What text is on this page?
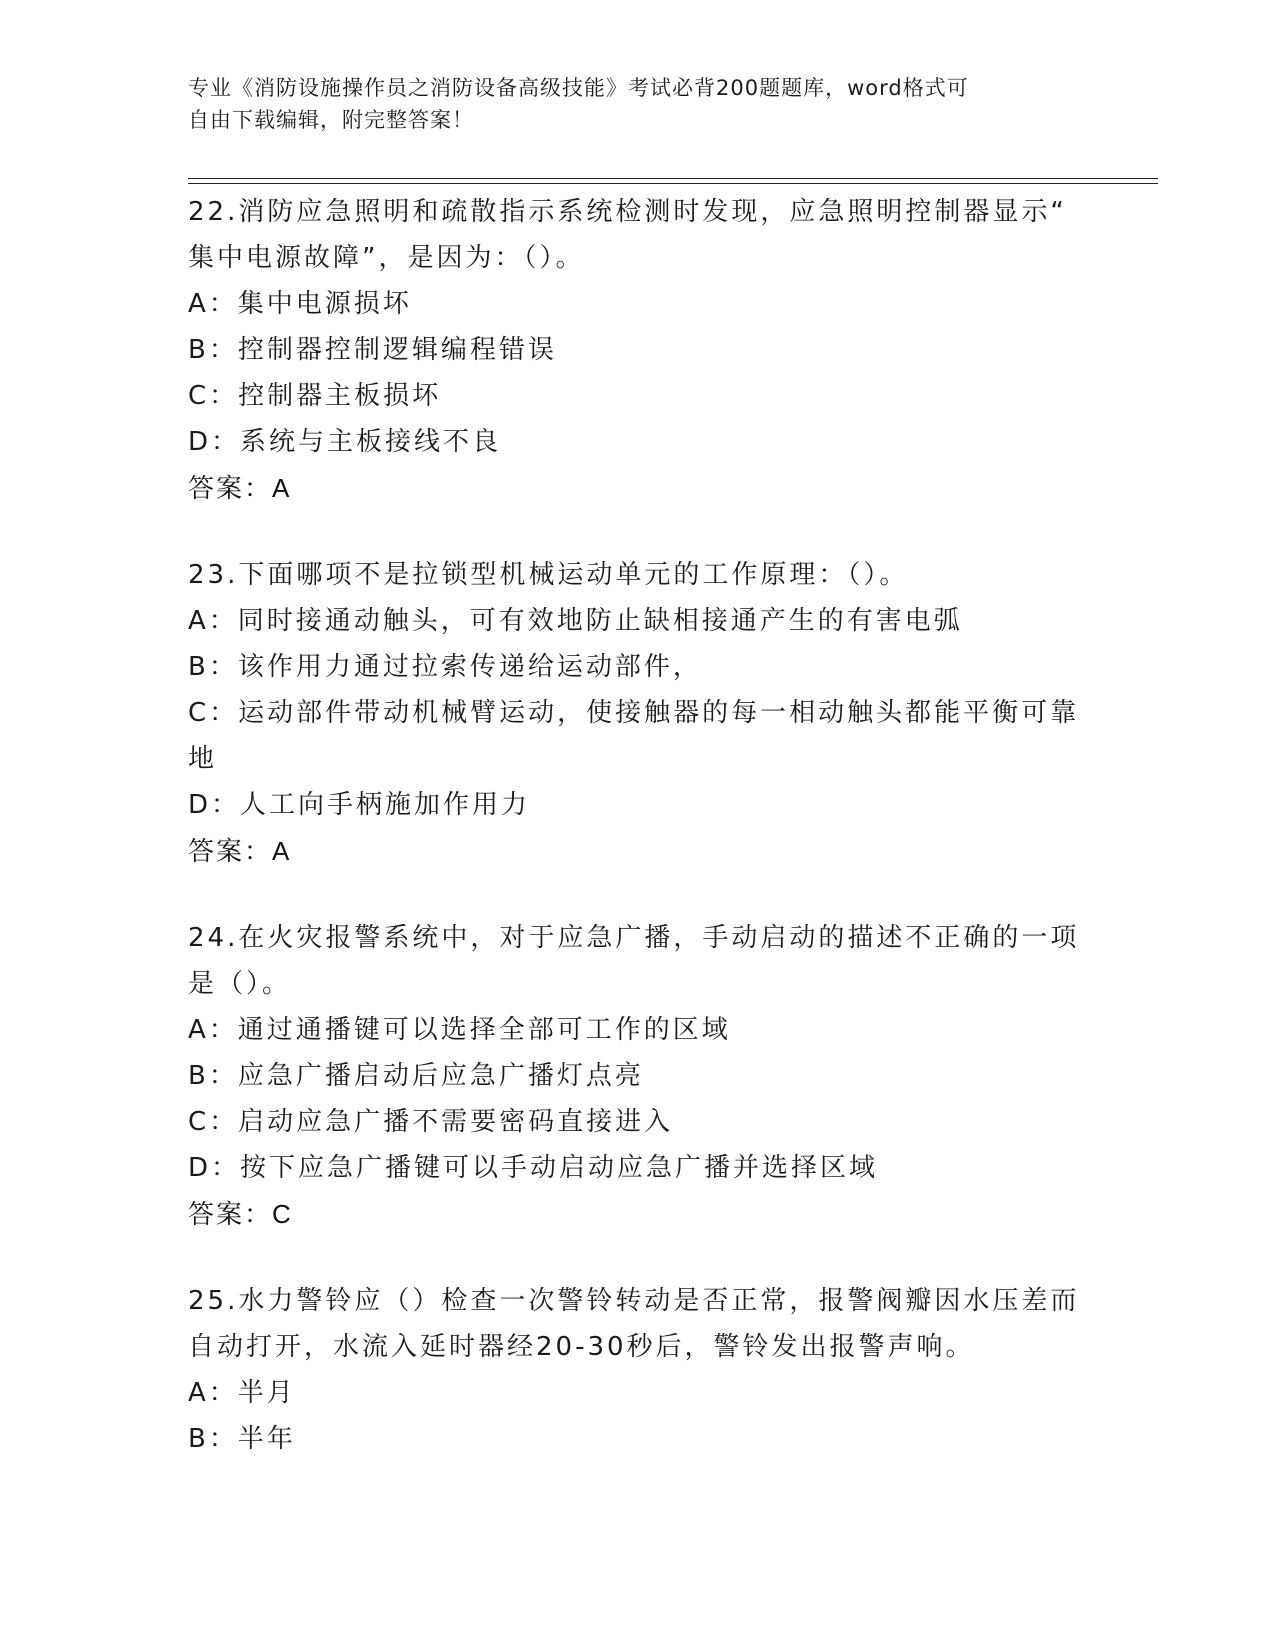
专业《消防设施操作员之消防设备高级技能》考试必背200题题库，word格式可
自由下载编辑，附完整答案！
22.消防应急照明和疏散指示系统检测时发现，应急照明控制器显示“
集中电源故障”，是因为：（）。
A：集中电源损坏
B：控制器控制逻辑编程错误
C：控制器主板损坏
D：系统与主板接线不良
答案：A
23.下面哪项不是拉锁型机械运动单元的工作原理：（）。
A：同时接通动触头，可有效地防止缺相接通产生的有害电弧
B：该作用力通过拉索传递给运动部件，
C：运动部件带动机械臂运动，使接触器的每一相动触头都能平衡可靠
地
D：人工向手柄施加作用力
答案：A
24.在火灾报警系统中，对于应急广播，手动启动的描述不正确的一项
是（）。
A：通过通播键可以选择全部可工作的区域
B：应急广播启动后应急广播灯点亮
C：启动应急广播不需要密码直接进入
D：按下应急广播键可以手动启动应急广播并选择区域
答案：C
25.水力警铃应（）检查一次警铃转动是否正常，报警阀瓣因水压差而
自动打开，水流入延时器经20-30秒后，警铃发出报警声响。
A：半月
B：半年
